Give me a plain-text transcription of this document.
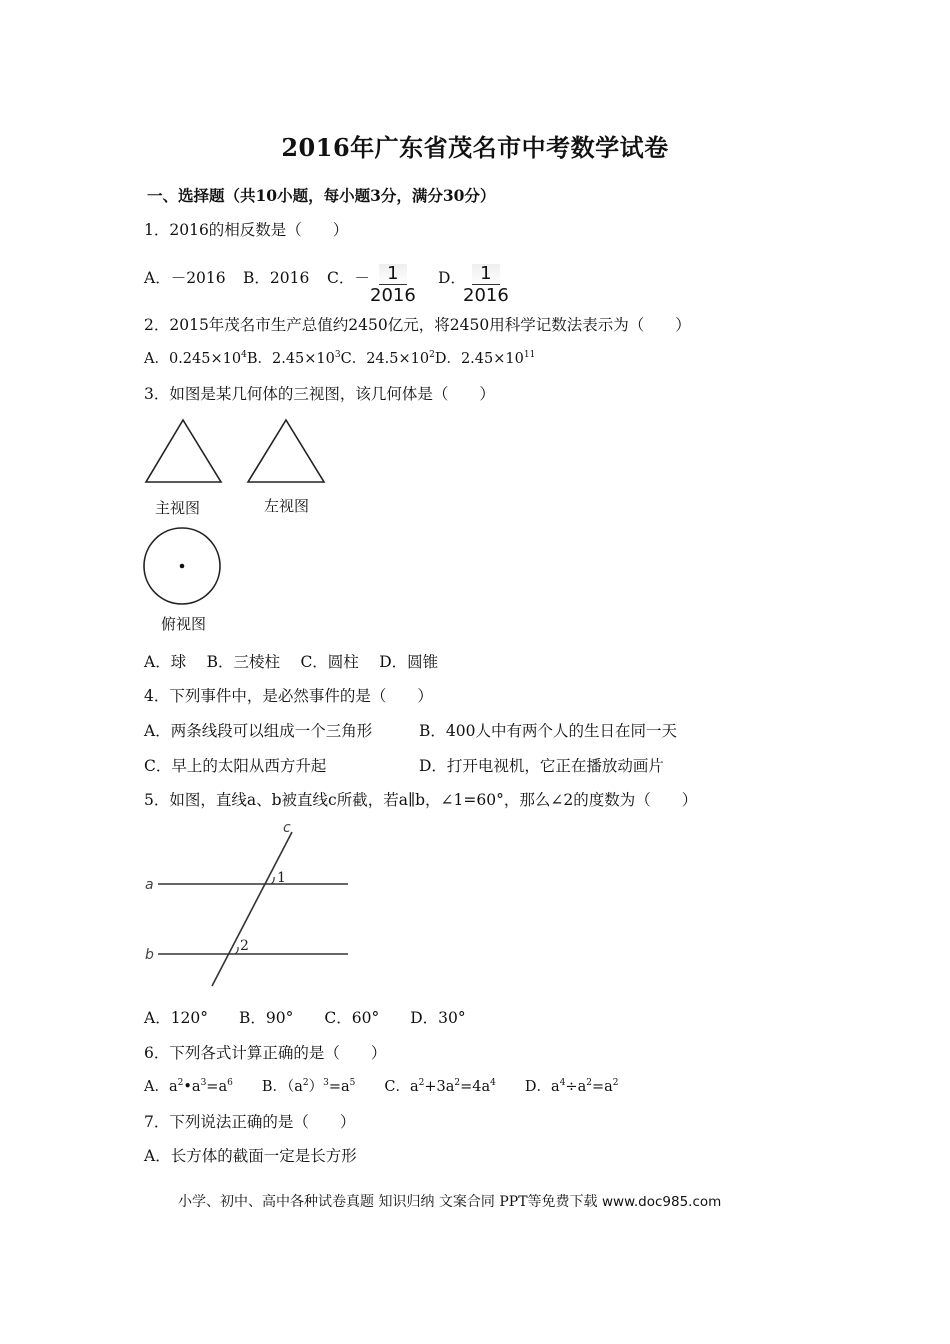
2016年广东省茂名市中考数学试卷
一、选择题（共10小题，每小题3分，满分30分）
1．2016的相反数是（　　）
A．－2016 B．2016 C．－ $\frac{1}{2016}$ D．
$\frac{1}{2016}$
2．2015年茂名市生产总值约2450亿元，将2450用科学记数法表示为（　　）
A．$0.245\times 10^4B$．$2.45\times 10^3C$．$24.5\times 10^2D$．$2.45\times 10^{11}$
3．如图是某几何体的三视图，该几何体是（　　）
主视图	左视图
俯视图
A．球　 B．三棱柱　 C．圆柱　 D．圆锥
4．下列事件中，是必然事件的是（　　）
A．两条线段可以组成一个三角形	B．400人中有两个人的生日在同一天
C．早上的太阳从西方升起	D．打开电视机，它正在播放动画片
5．如图，直线a、b被直线c所截，若a∥b，∠1=60°，那么∠2的度数为（　　）
a
b
c
1
2
A．120°　　B．90°　　C．60°　　D．30°
6．下列各式计算正确的是（　　）
A．$a^2•a^3=a^6$　　B．$(a^2)^3=a^5$　　C．$a^2+3a^2=4a^4$　　D．$a^4\div a^2=a^2$
7．下列说法正确的是（　　）
A．长方体的截面一定是长方形
小学、初中、高中各种试卷真题 知识归纳 文案合同 PPT等免费下载 www.doc985.com
